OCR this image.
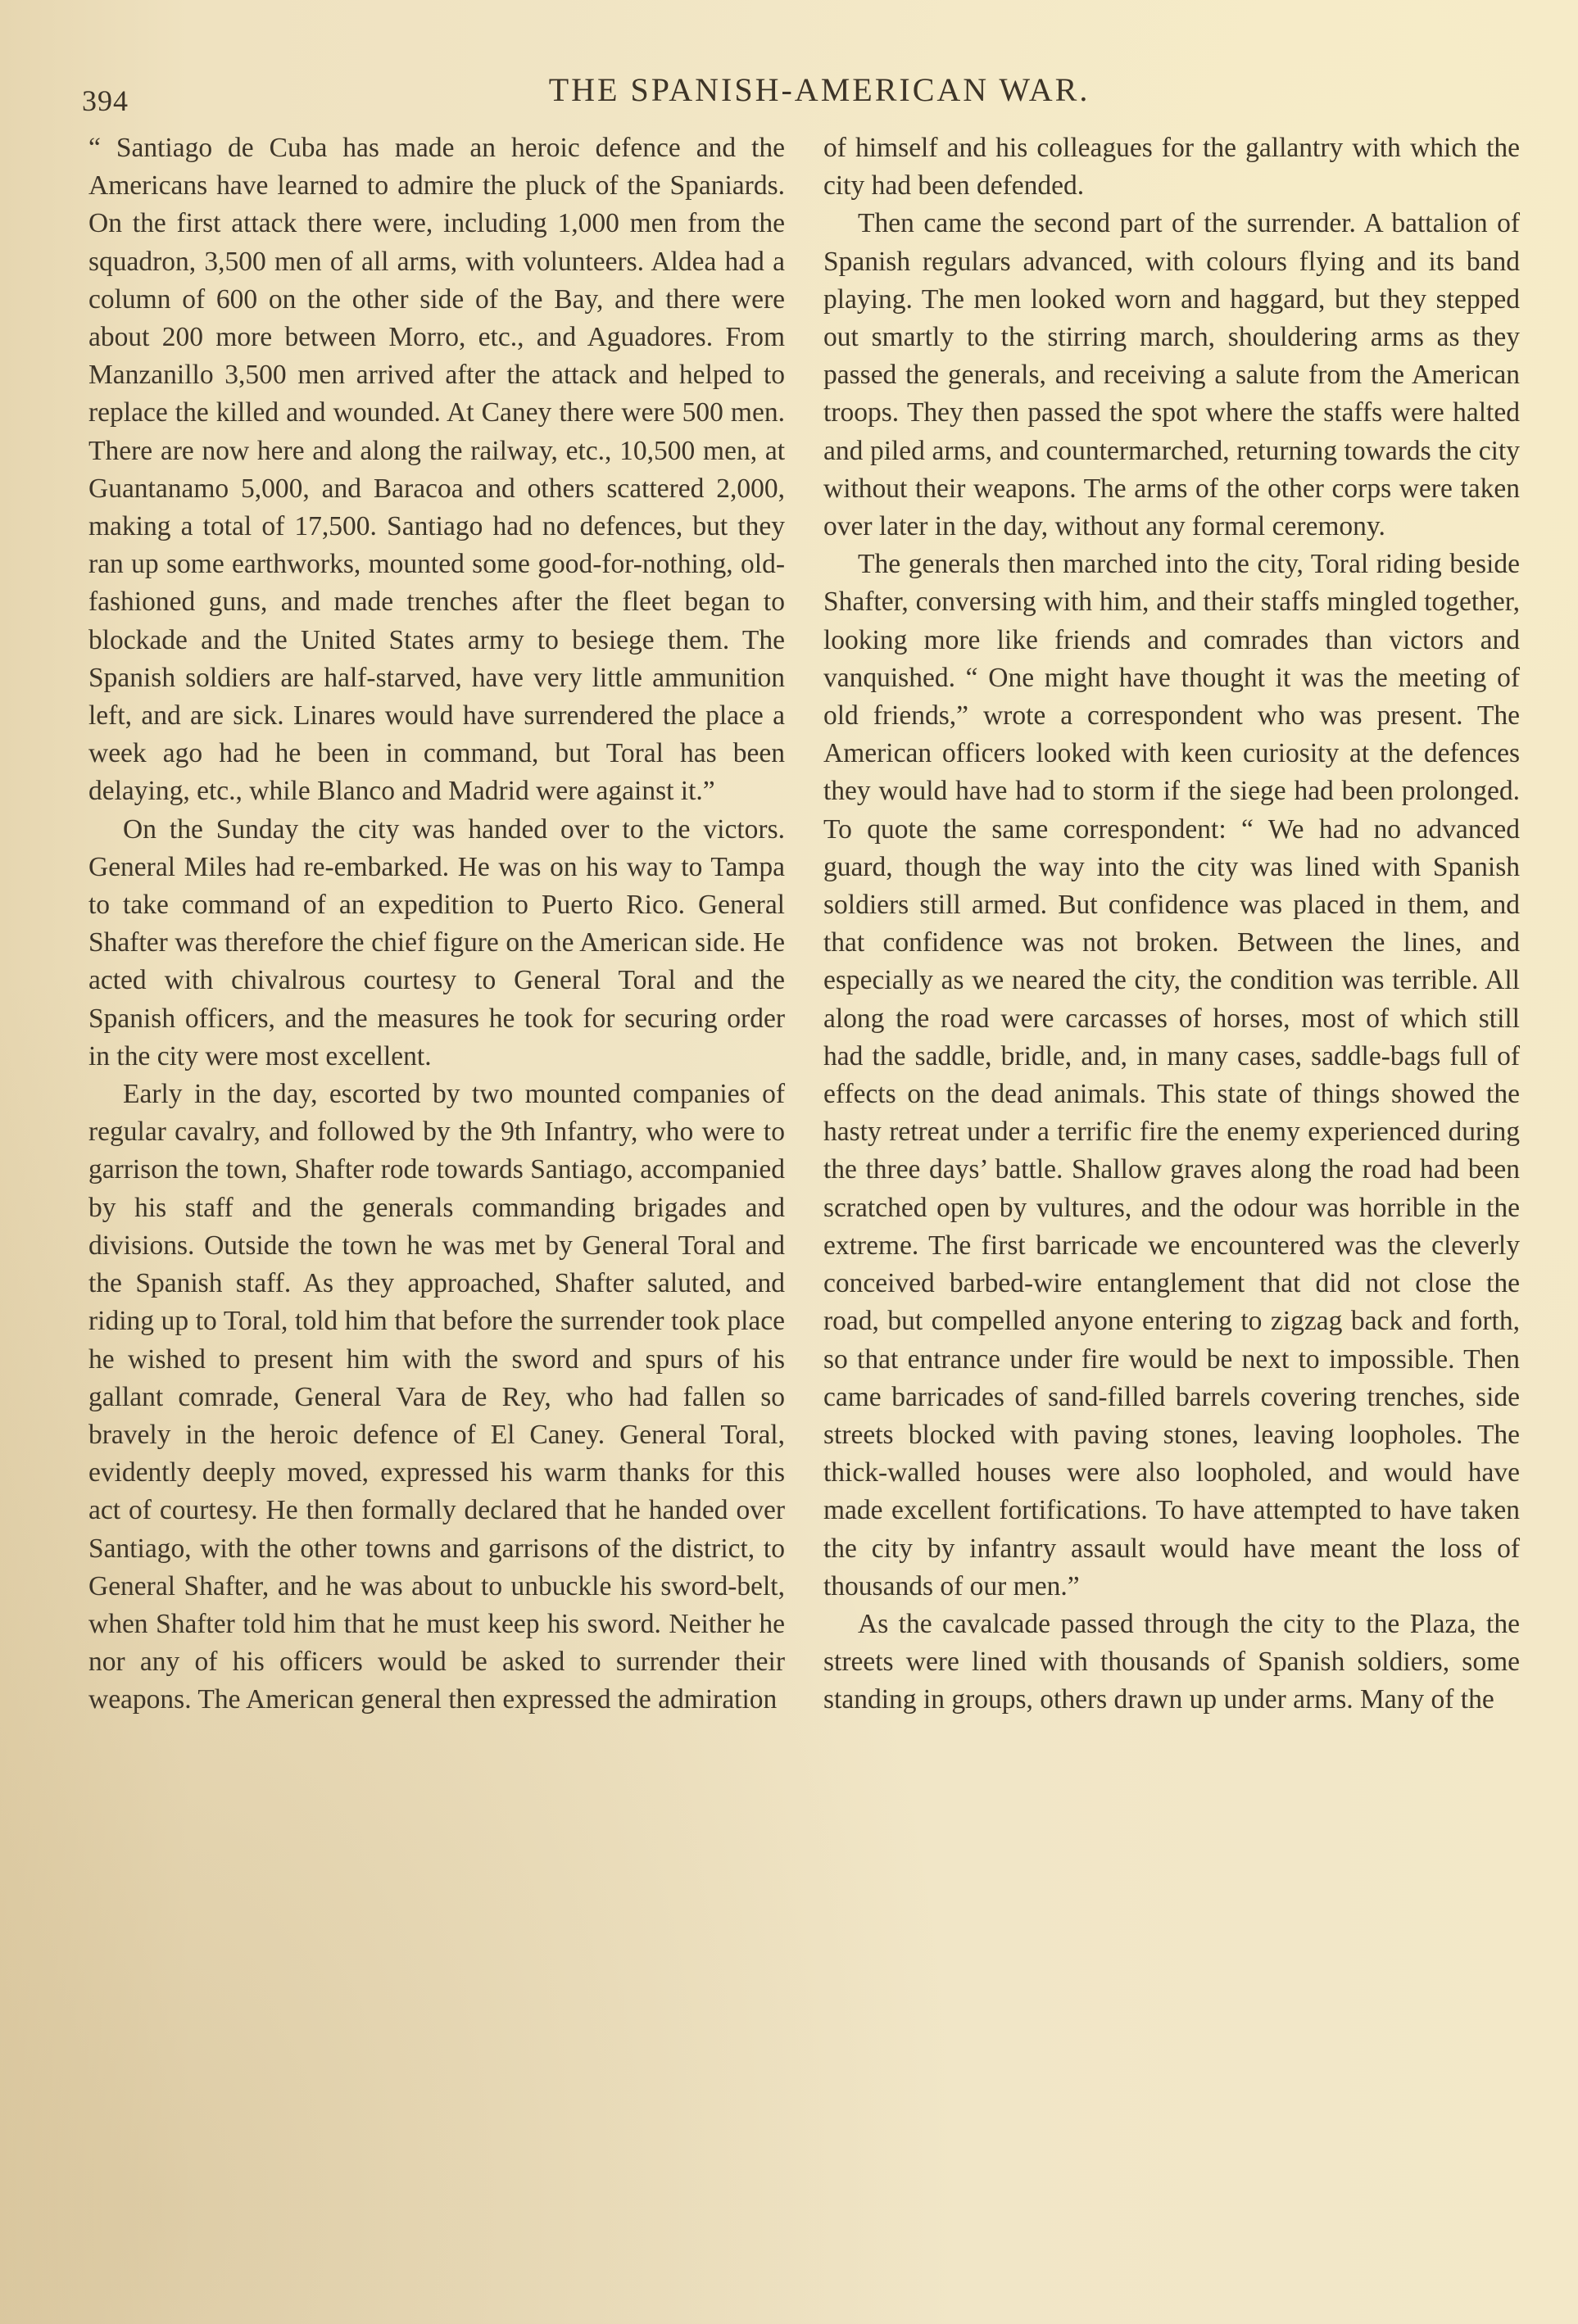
394	THE SPANISH-AMERICAN WAR.

“ Santiago de Cuba has made an heroic defence and the Americans have learned to admire the pluck of the Spaniards. On the first attack there were, including 1,000 men from the squadron, 3,500 men of all arms, with volunteers. Aldea had a column of 600 on the other side of the Bay, and there were about 200 more between Morro, etc., and Aguadores. From Manzanillo 3,500 men arrived after the attack and helped to replace the killed and wounded. At Caney there were 500 men. There are now here and along the railway, etc., 10,500 men, at Guantanamo 5,000, and Baracoa and others scattered 2,000, making a total of 17,500. Santiago had no defences, but they ran up some earthworks, mounted some good-for-nothing, old-fashioned guns, and made trenches after the fleet began to blockade and the United States army to besiege them. The Spanish soldiers are half-starved, have very little ammunition left, and are sick. Linares would have surrendered the place a week ago had he been in command, but Toral has been delaying, etc., while Blanco and Madrid were against it.”

On the Sunday the city was handed over to the victors. General Miles had re-embarked. He was on his way to Tampa to take command of an expedition to Puerto Rico. General Shafter was therefore the chief figure on the American side. He acted with chivalrous courtesy to General Toral and the Spanish officers, and the measures he took for securing order in the city were most excellent.

Early in the day, escorted by two mounted companies of regular cavalry, and followed by the 9th Infantry, who were to garrison the town, Shafter rode towards Santiago, accompanied by his staff and the generals commanding brigades and divisions. Outside the town he was met by General Toral and the Spanish staff. As they approached, Shafter saluted, and riding up to Toral, told him that before the surrender took place he wished to present him with the sword and spurs of his gallant comrade, General Vara de Rey, who had fallen so bravely in the heroic defence of El Caney. General Toral, evidently deeply moved, expressed his warm thanks for this act of courtesy. He then formally declared that he handed over Santiago, with the other towns and garrisons of the district, to General Shafter, and he was about to unbuckle his sword-belt, when Shafter told him that he must keep his sword. Neither he nor any of his officers would be asked to surrender their weapons. The American general then expressed the admiration

of himself and his colleagues for the gallantry with which the city had been defended.

Then came the second part of the surrender. A battalion of Spanish regulars advanced, with colours flying and its band playing. The men looked worn and haggard, but they stepped out smartly to the stirring march, shouldering arms as they passed the generals, and receiving a salute from the American troops. They then passed the spot where the staffs were halted and piled arms, and countermarched, returning towards the city without their weapons. The arms of the other corps were taken over later in the day, without any formal ceremony.

The generals then marched into the city, Toral riding beside Shafter, conversing with him, and their staffs mingled together, looking more like friends and comrades than victors and vanquished. “ One might have thought it was the meeting of old friends,” wrote a correspondent who was present. The American officers looked with keen curiosity at the defences they would have had to storm if the siege had been prolonged. To quote the same correspondent: “ We had no advanced guard, though the way into the city was lined with Spanish soldiers still armed. But confidence was placed in them, and that confidence was not broken. Between the lines, and especially as we neared the city, the condition was terrible. All along the road were carcasses of horses, most of which still had the saddle, bridle, and, in many cases, saddle-bags full of effects on the dead animals. This state of things showed the hasty retreat under a terrific fire the enemy experienced during the three days’ battle. Shallow graves along the road had been scratched open by vultures, and the odour was horrible in the extreme. The first barricade we encountered was the cleverly conceived barbed-wire entanglement that did not close the road, but compelled anyone entering to zigzag back and forth, so that entrance under fire would be next to impossible. Then came barricades of sand-filled barrels covering trenches, side streets blocked with paving stones, leaving loopholes. The thick-walled houses were also loopholed, and would have made excellent fortifications. To have attempted to have taken the city by infantry assault would have meant the loss of thousands of our men.”

As the cavalcade passed through the city to the Plaza, the streets were lined with thousands of Spanish soldiers, some standing in groups, others drawn up under arms. Many of the
